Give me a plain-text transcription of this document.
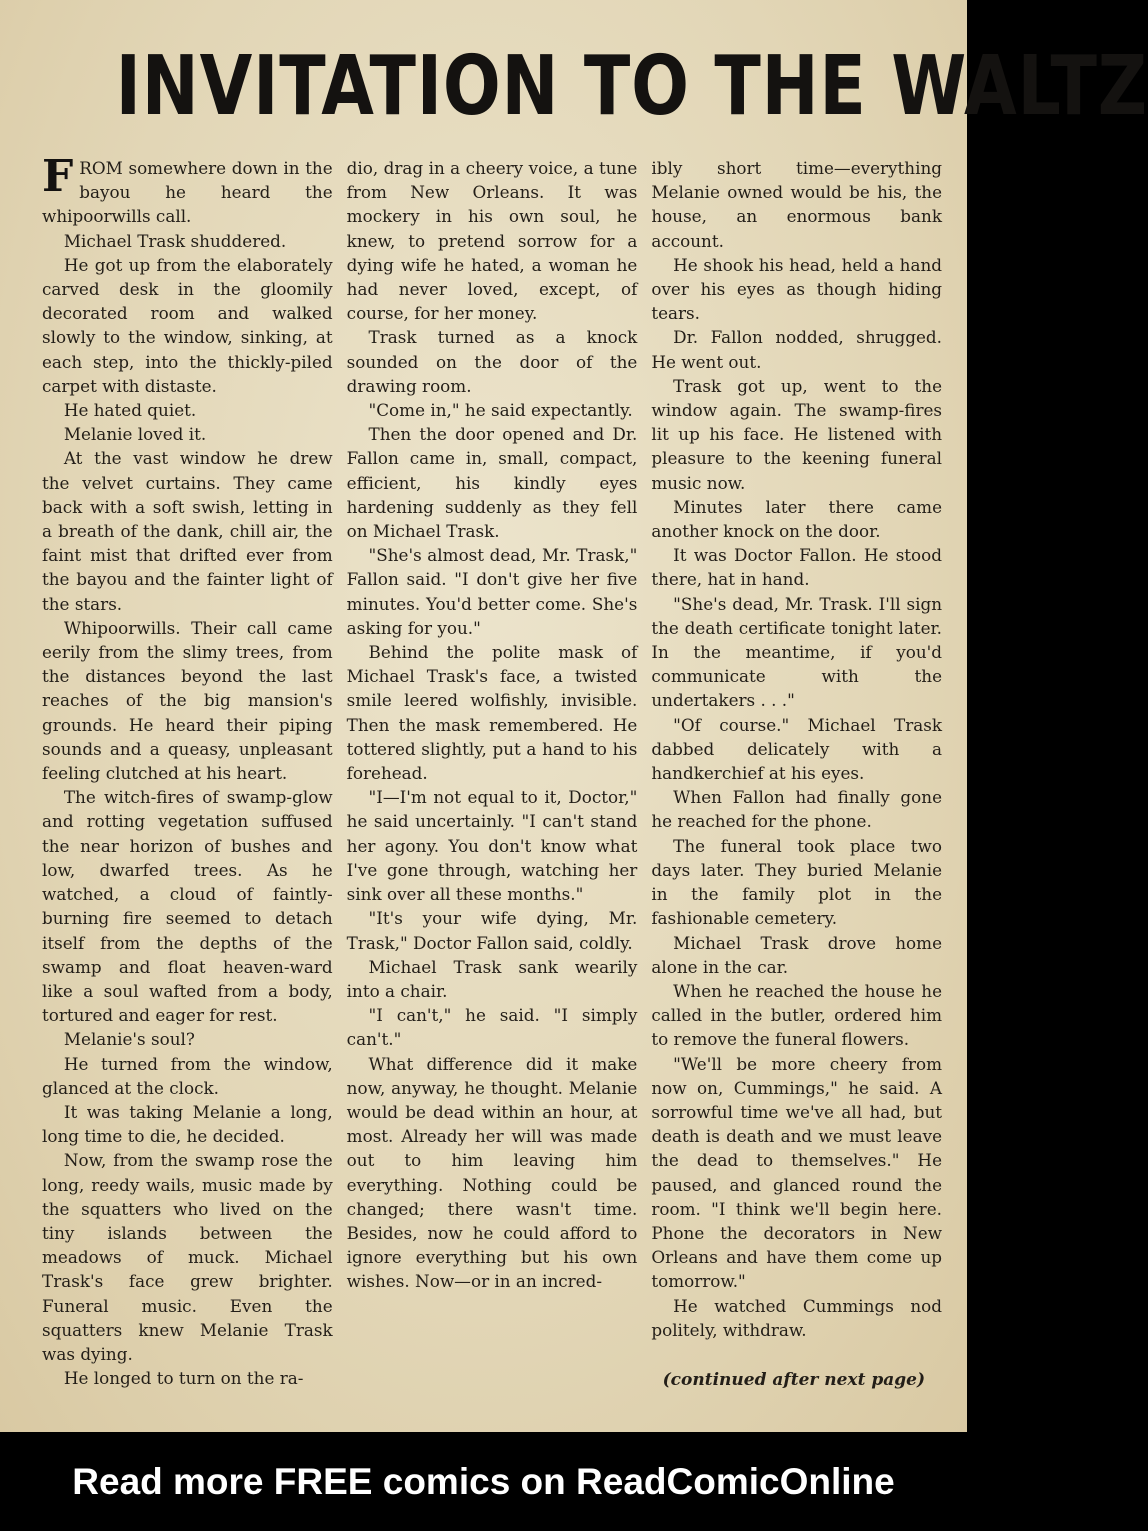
INVITATION TO THE WALTZ

FROM somewhere down in the bayou he heard the whipoorwills call.

Michael Trask shuddered.

He got up from the elaborately carved desk in the gloomily decorated room and walked slowly to the window, sinking, at each step, into the thickly-piled carpet with distaste.

He hated quiet.

Melanie loved it.

At the vast window he drew the velvet curtains. They came back with a soft swish, letting in a breath of the dank, chill air, the faint mist that drifted ever from the bayou and the fainter light of the stars.

Whipoorwills. Their call came eerily from the slimy trees, from the distances beyond the last reaches of the big mansion's grounds. He heard their piping sounds and a queasy, unpleasant feeling clutched at his heart.

The witch-fires of swamp-glow and rotting vegetation suffused the near horizon of bushes and low, dwarfed trees. As he watched, a cloud of faintly-burning fire seemed to detach itself from the depths of the swamp and float heaven-ward like a soul wafted from a body, tortured and eager for rest.

Melanie's soul?

He turned from the window, glanced at the clock.

It was taking Melanie a long, long time to die, he decided.

Now, from the swamp rose the long, reedy wails, music made by the squatters who lived on the tiny islands between the meadows of muck. Michael Trask's face grew brighter. Funeral music. Even the squatters knew Melanie Trask was dying.

He longed to turn on the ra-

dio, drag in a cheery voice, a tune from New Orleans. It was mockery in his own soul, he knew, to pretend sorrow for a dying wife he hated, a woman he had never loved, except, of course, for her money.

Trask turned as a knock sounded on the door of the drawing room.

"Come in," he said expectantly.

Then the door opened and Dr. Fallon came in, small, compact, efficient, his kindly eyes hardening suddenly as they fell on Michael Trask.

"She's almost dead, Mr. Trask," Fallon said. "I don't give her five minutes. You'd better come. She's asking for you."

Behind the polite mask of Michael Trask's face, a twisted smile leered wolfishly, invisible. Then the mask remembered. He tottered slightly, put a hand to his forehead.

"I—I'm not equal to it, Doctor," he said uncertainly. "I can't stand her agony. You don't know what I've gone through, watching her sink over all these months."

"It's your wife dying, Mr. Trask," Doctor Fallon said, coldly.

Michael Trask sank wearily into a chair.

"I can't," he said. "I simply can't."

What difference did it make now, anyway, he thought. Melanie would be dead within an hour, at most. Already her will was made out to him leaving him everything. Nothing could be changed; there wasn't time. Besides, now he could afford to ignore everything but his own wishes. Now—or in an incred-

ibly short time—everything Melanie owned would be his, the house, an enormous bank account.

He shook his head, held a hand over his eyes as though hiding tears.

Dr. Fallon nodded, shrugged. He went out.

Trask got up, went to the window again. The swamp-fires lit up his face. He listened with pleasure to the keening funeral music now.

Minutes later there came another knock on the door.

It was Doctor Fallon. He stood there, hat in hand.

"She's dead, Mr. Trask. I'll sign the death certificate tonight later. In the meantime, if you'd communicate with the undertakers . . ."

"Of course." Michael Trask dabbed delicately with a handkerchief at his eyes.

When Fallon had finally gone he reached for the phone.

The funeral took place two days later. They buried Melanie in the family plot in the fashionable cemetery.

Michael Trask drove home alone in the car.

When he reached the house he called in the butler, ordered him to remove the funeral flowers.

"We'll be more cheery from now on, Cummings," he said. A sorrowful time we've all had, but death is death and we must leave the dead to themselves." He paused, and glanced round the room. "I think we'll begin here. Phone the decorators in New Orleans and have them come up tomorrow."

He watched Cummings nod politely, withdraw.

(continued after next page)
Read more FREE comics on ReadComicOnline
